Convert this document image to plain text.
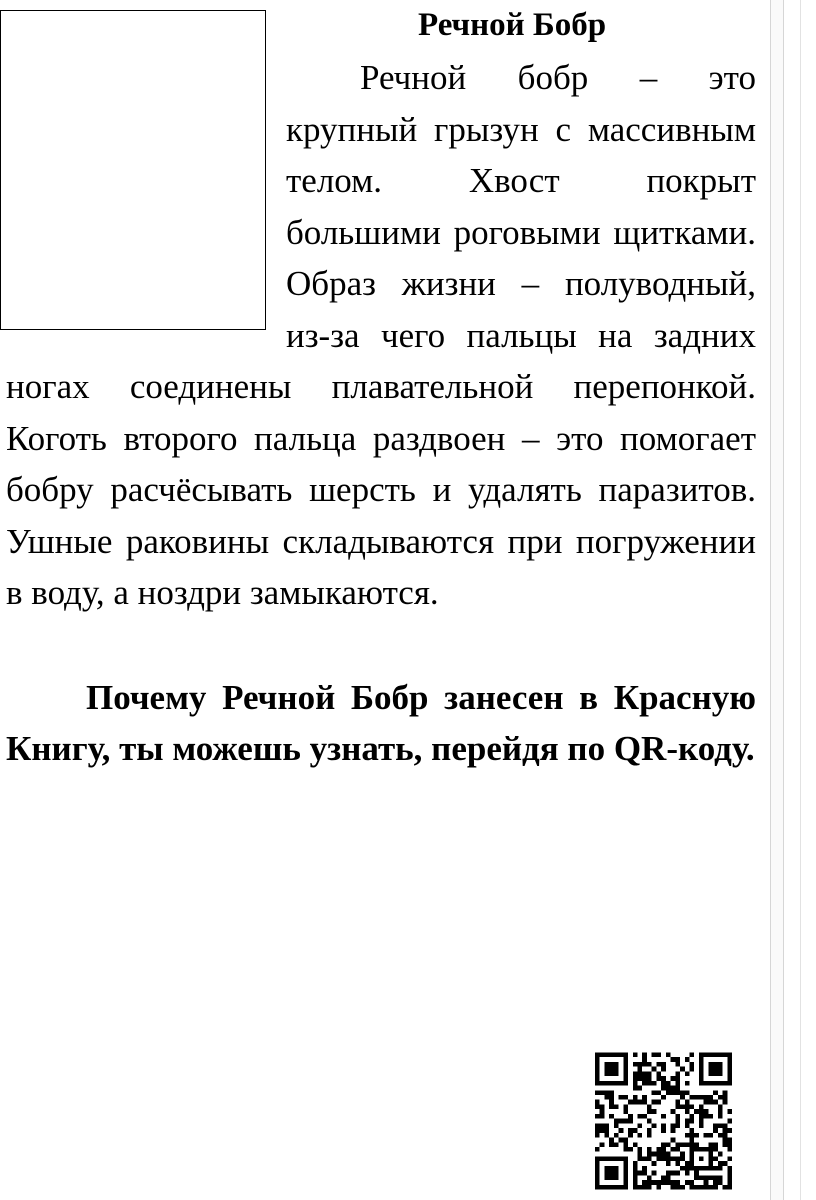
Речной Бобр

Речной бобр – это крупный грызун с массивным телом. Хвост покрыт большими роговыми щитками. Образ жизни – полуводный, из-за чего пальцы на задних ногах соединены плавательной перепонкой. Коготь второго пальца раздвоен – это помогает бобру расчёсывать шерсть и удалять паразитов. Ушные раковины складываются при погружении в воду, а ноздри замыкаются.

Почему Речной Бобр занесен в Красную Книгу, ты можешь узнать, перейдя по QR-коду.
